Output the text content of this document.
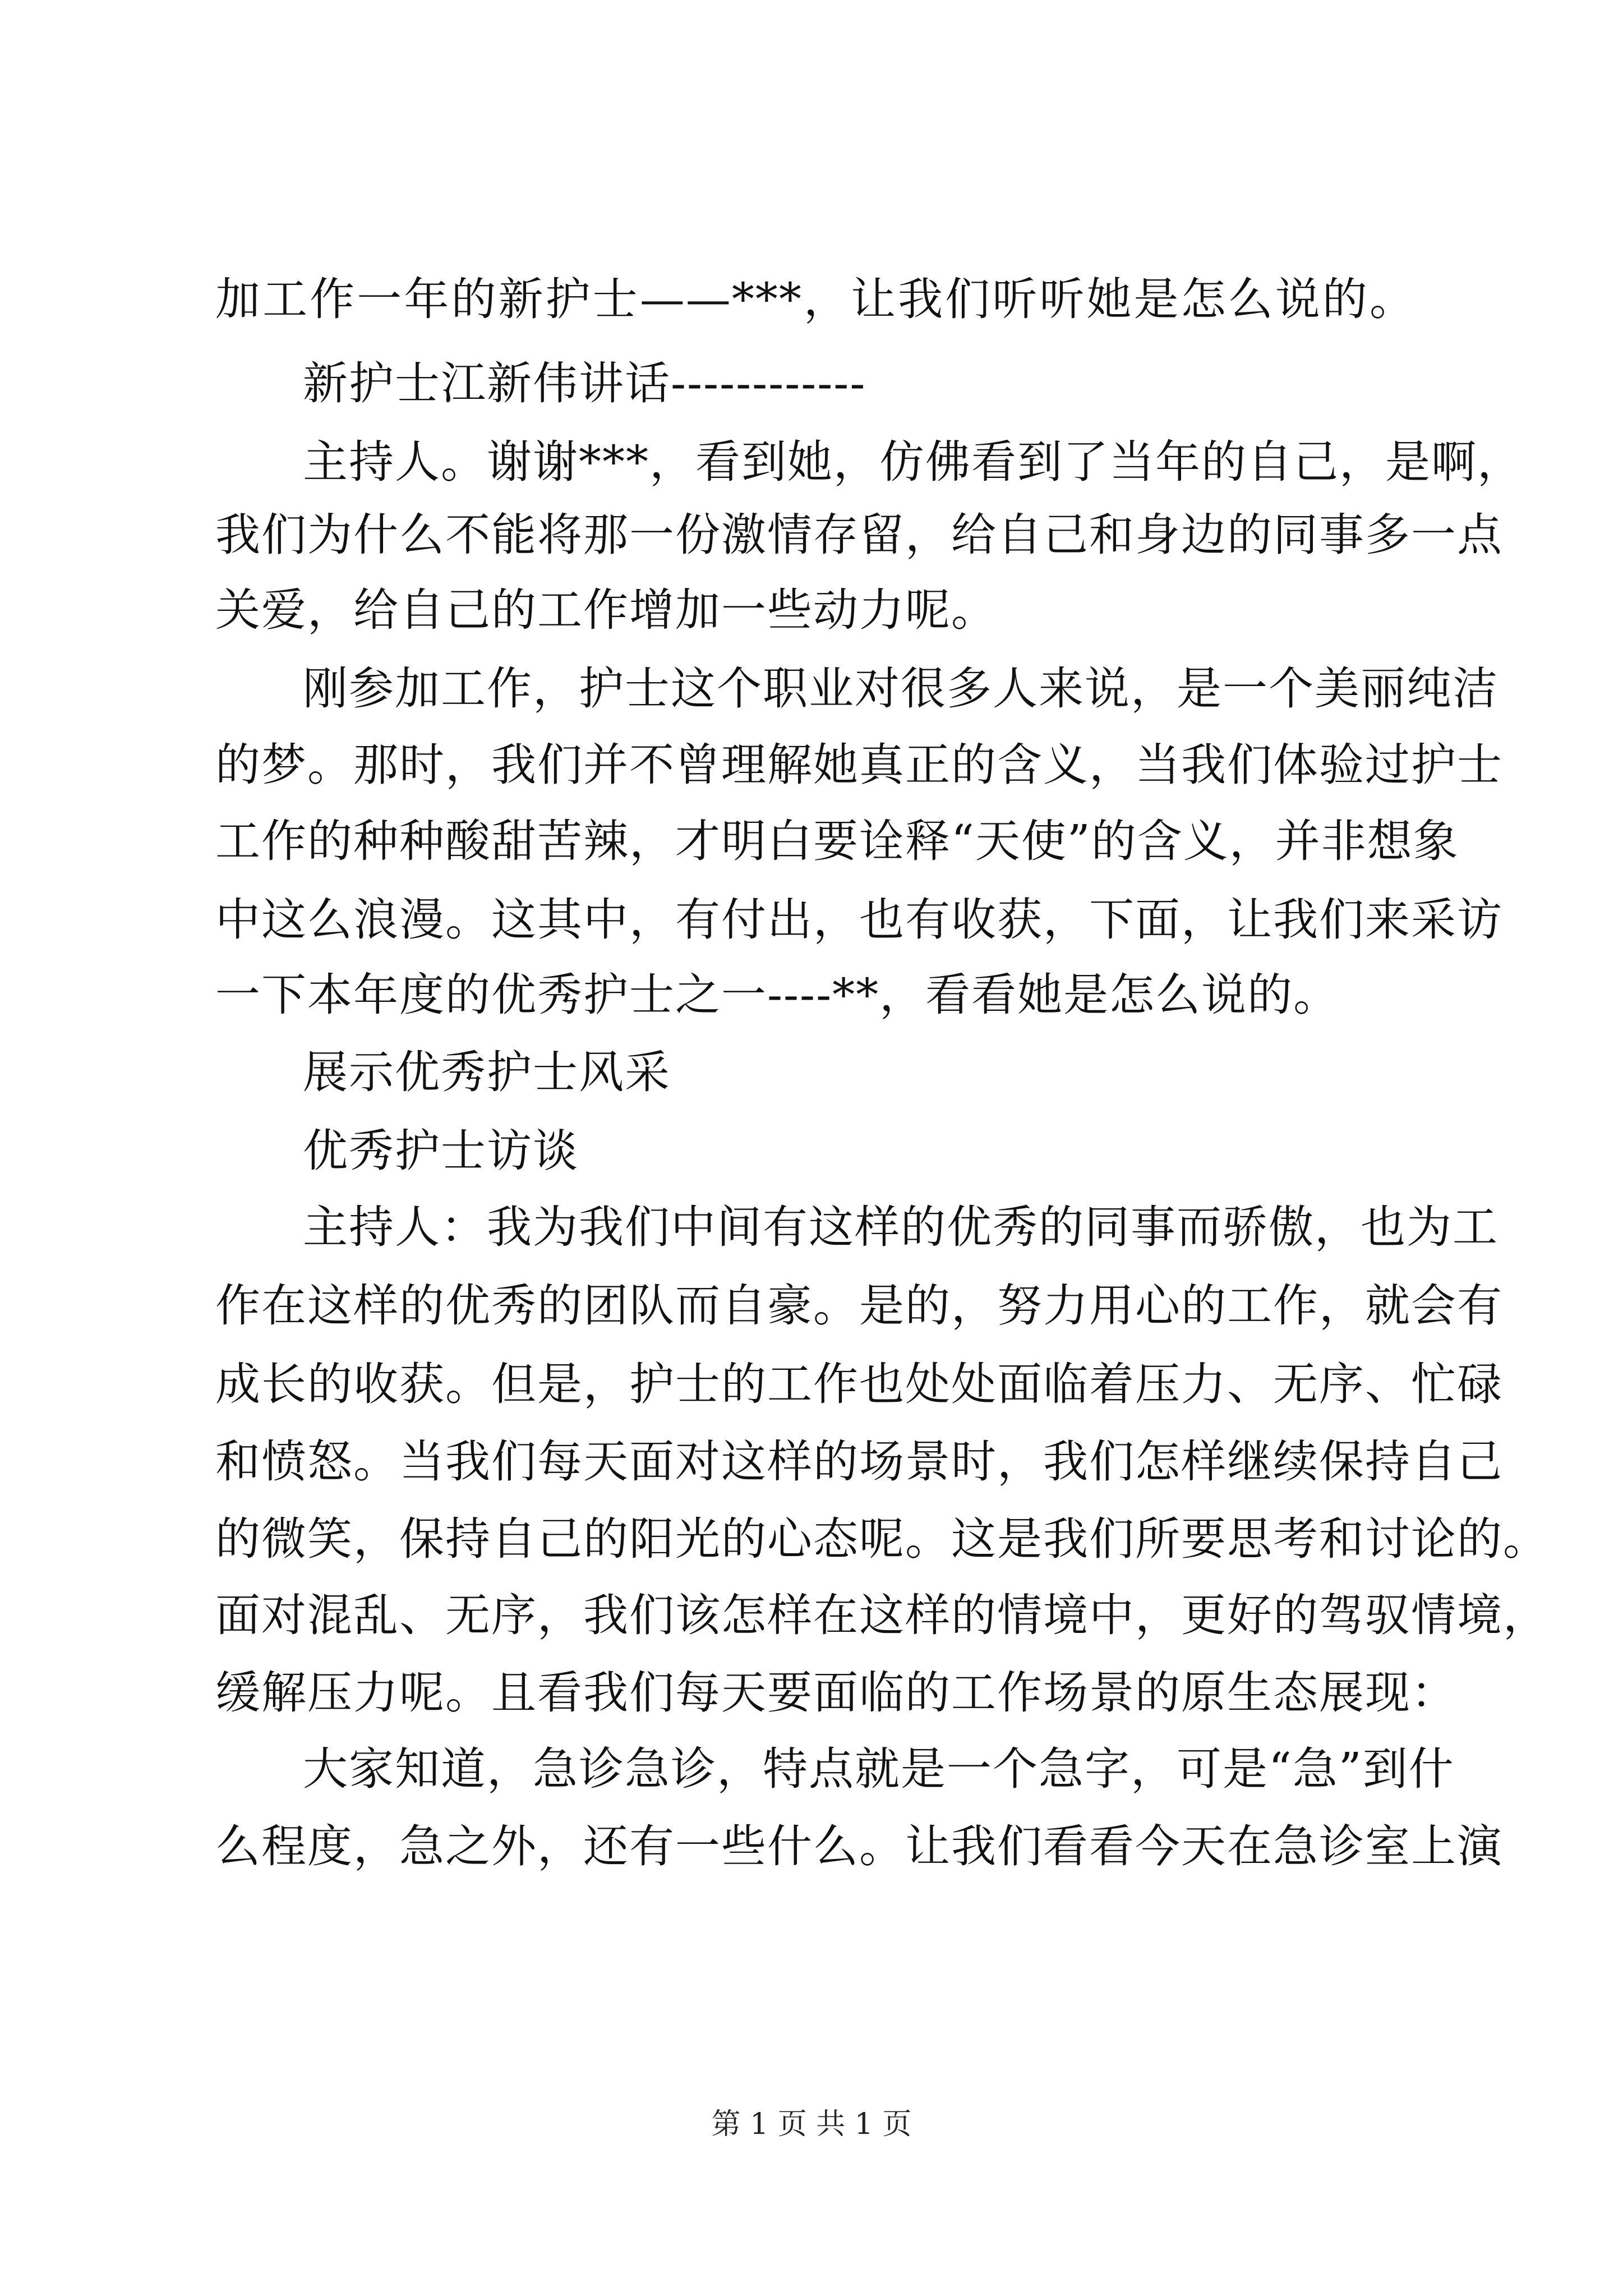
加工作一年的新护士——***，让我们听听她是怎么说的。
新护士江新伟讲话------------
主持人。谢谢***，看到她，仿佛看到了当年的自己，是啊，
我们为什么不能将那一份激情存留，给自己和身边的同事多一点
关爱，给自己的工作增加一些动力呢。
刚参加工作，护士这个职业对很多人来说，是一个美丽纯洁
的梦。那时，我们并不曾理解她真正的含义，当我们体验过护士
工作的种种酸甜苦辣，才明白要诠释“天使”的含义，并非想象
中这么浪漫。这其中，有付出，也有收获，下面，让我们来采访
一下本年度的优秀护士之一----**，看看她是怎么说的。
展示优秀护士风采
优秀护士访谈
主持人：我为我们中间有这样的优秀的同事而骄傲，也为工
作在这样的优秀的团队而自豪。是的，努力用心的工作，就会有
成长的收获。但是，护士的工作也处处面临着压力、无序、忙碌
和愤怒。当我们每天面对这样的场景时，我们怎样继续保持自己
的微笑，保持自己的阳光的心态呢。这是我们所要思考和讨论的。
面对混乱、无序，我们该怎样在这样的情境中，更好的驾驭情境，
缓解压力呢。且看我们每天要面临的工作场景的原生态展现：
大家知道，急诊急诊，特点就是一个急字，可是“急”到什
么程度，急之外，还有一些什么。让我们看看今天在急诊室上演
第 1 页 共 1 页
